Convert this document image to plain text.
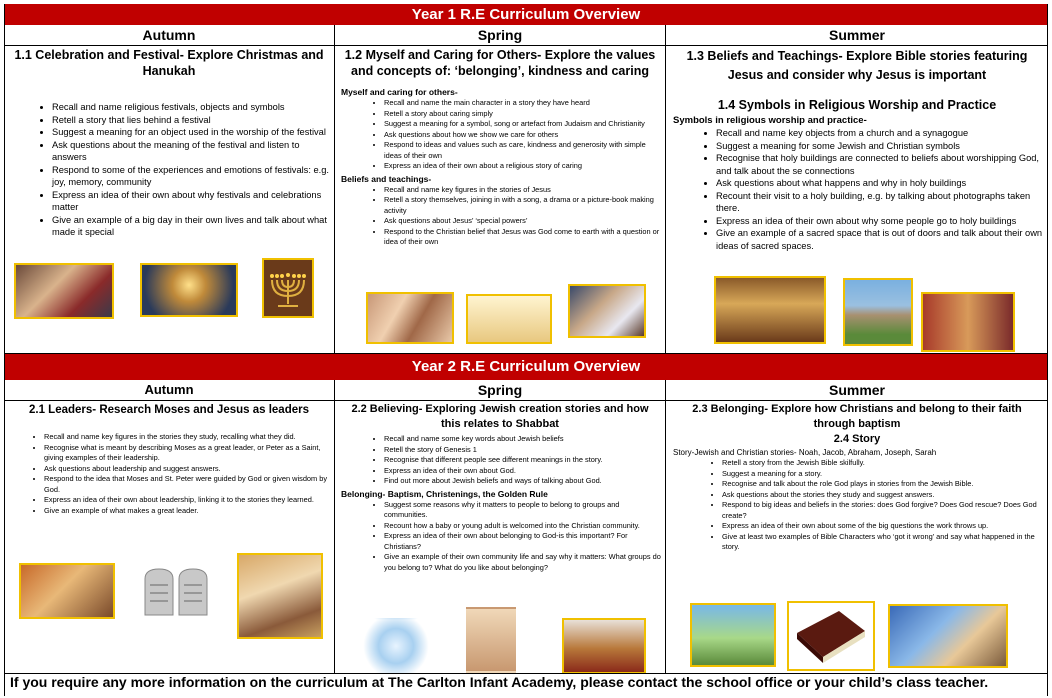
Year 1 R.E Curriculum Overview
Autumn	Spring	Summer
1.1 Celebration and Festival- Explore Christmas and Hanukah
• Recall and name religious festivals, objects and symbols
• Retell a story that lies behind a festival
• Suggest a meaning for an object used in the worship of the festival
• Ask questions about the meaning of the festival and listen to answers
• Respond to some of the experiences and emotions of festivals: e.g. joy, memory, community
• Express an idea of their own about why festivals and celebrations matter
• Give an example of a big day in their own lives and talk about what made it special
1.2 Myself and Caring for Others- Explore the values and concepts of: ‘belonging’, kindness and caring
Myself and caring for others-
• Recall and name the main character in a story they have heard
• Retell a story about caring simply
• Suggest a meaning for a symbol, song or artefact from Judaism and Christianity
• Ask questions about how we show we care for others
• Respond to ideas and values such as care, kindness and generosity with simple ideas of their own
• Express an idea of their own about a religious story of caring
Beliefs and teachings-
• Recall and name key figures in the stories of Jesus
• Retell a story themselves, joining in with a song, a drama or a picture-book making activity
• Ask questions about Jesus’ ‘special powers’
• Respond to the Christian belief that Jesus was God come to earth with a question or idea of their own
1.3 Beliefs and Teachings- Explore Bible stories featuring Jesus and consider why Jesus is important
1.4 Symbols in Religious Worship and Practice
Symbols in religious worship and practice-
• Recall and name key objects from a church and a synagogue
• Suggest a meaning for some Jewish and Christian symbols
• Recognise that holy buildings are connected to beliefs about worshipping God, and talk about the se connections
• Ask questions about what happens and why in holy buildings
• Recount their visit to a holy building, e.g. by talking about photographs taken there.
• Express an idea of their own about why some people go to holy buildings
• Give an example of a sacred space that is out of doors and talk about their own ideas of sacred spaces.
Year 2 R.E Curriculum Overview
Autumn	Spring	Summer
2.1 Leaders- Research Moses and Jesus as leaders
• Recall and name key figures in the stories they study, recalling what they did.
• Recognise what is meant by describing Moses as a great leader, or Peter as a Saint, giving examples of their leadership.
• Ask questions about leadership and suggest answers.
• Respond to the idea that Moses and St. Peter were guided by God or given wisdom by God.
• Express an idea of their own about leadership, linking it to the stories they learned.
• Give an example of what makes a great leader.
2.2 Believing- Exploring Jewish creation stories and how this relates to Shabbat
• Recall and name some key words about Jewish beliefs
• Retell the story of Genesis 1
• Recognise that different people see different meanings in the story.
• Express an idea of their own about God.
• Find out more about Jewish beliefs and ways of talking about God.
Belonging- Baptism, Christenings, the Golden Rule
• Suggest some reasons why it matters to people to belong to groups and communities.
• Recount how a baby or young adult is welcomed into the Christian community.
• Express an idea of their own about belonging to God-is this important? For Christians?
• Give an example of their own community life and say why it matters: What groups do you belong to? What do you like about belonging?
2.3 Belonging- Explore how Christians and belong to their faith through baptism
2.4 Story
Story-Jewish and Christian stories- Noah, Jacob, Abraham, Joseph, Sarah
• Retell a story from the Jewish Bible skilfully.
• Suggest a meaning for a story.
• Recognise and talk about the role God plays in stories from the Jewish Bible.
• Ask questions about the stories they study and suggest answers.
• Respond to big ideas and beliefs in the stories: does God forgive? Does God rescue? Does God create?
• Express an idea of their own about some of the big questions the work throws up.
• Give at least two examples of Bible Characters who ‘got it wrong’ and say what happened in the story.
If you require any more information on the curriculum at The Carlton Infant Academy, please contact the school office or your child’s class teacher.
